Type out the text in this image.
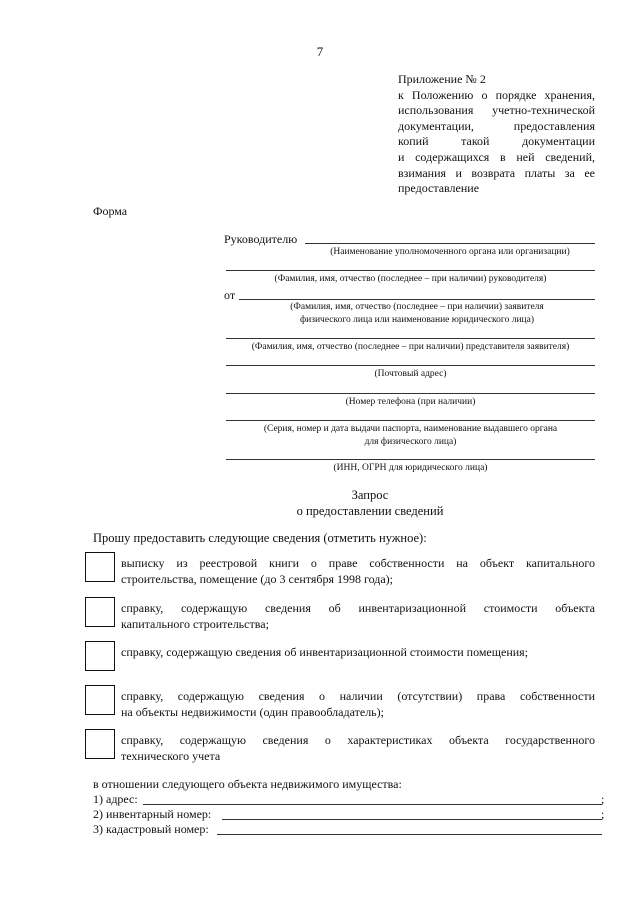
7
Приложение № 2
к Положению о порядке хранения,
использования учетно-технической
документации, предоставления
копий такой документации
и содержащихся в ней сведений,
взимания и возврата платы за ее
предоставление
Форма
Руководителю
(Наименование уполномоченного органа или организации)
(Фамилия, имя, отчество (последнее – при наличии) руководителя)
от
(Фамилия, имя, отчество (последнее – при наличии) заявителя
физического лица или наименование юридического лица)
(Фамилия, имя, отчество (последнее – при наличии) представителя заявителя)
(Почтовый адрес)
(Номер телефона (при наличии)
(Серия, номер и дата выдачи паспорта, наименование выдавшего органа
для физического лица)
(ИНН, ОГРН для юридического лица)
Запрос
о предоставлении сведений
Прошу предоставить следующие сведения (отметить нужное):
выписку из реестровой книги о праве собственности на объект капитального
строительства, помещение (до 3 сентября 1998 года);
справку, содержащую сведения об инвентаризационной стоимости объекта
капитального строительства;
справку, содержащую сведения об инвентаризационной стоимости помещения;
справку, содержащую сведения о наличии (отсутствии) права собственности
на объекты недвижимости (один правообладатель);
справку, содержащую сведения о характеристиках объекта государственного
технического учета
в отношении следующего объекта недвижимого имущества:
1) адрес:	;
2) инвентарный номер:	;
3) кадастровый номер:
